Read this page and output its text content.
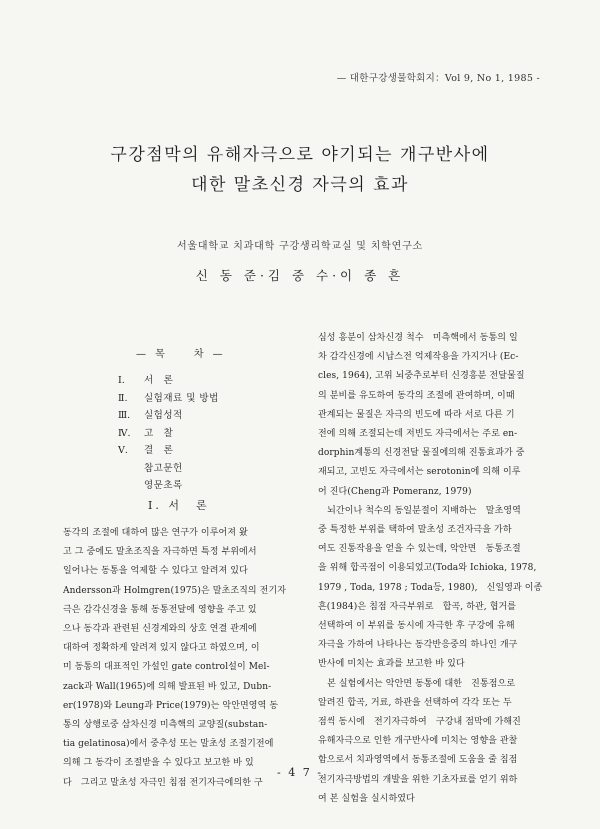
— 대한구강생물학회지：Vol 9, No 1, 1985 -
구강점막의 유해자극으로 야기되는 개구반사에
대한 말초신경 자극의 효과
서울대학교 치과대학 구강생리학교실 및 치학연구소
신 동 준·김 중 수·이 종 흔
— 목　　차 —
Ⅰ.	서　론
Ⅱ.	실험재료 및 방법
Ⅲ.	실험성적
Ⅳ.	고　찰
Ⅴ.	결　론
참고문헌
영문초록
Ⅰ. 서　론
동각의 조절에 대하여 많은 연구가 이루어져 왔
고 그 중에도 말초조직을 자극하면 특정 부위에서
일어나는 동통을 억제할 수 있다고 알려져 있다
Andersson과 Holmgren(1975)은 말초조직의 전기자
극은 감각신경을 통해 동통전달에 영향을 주고 있
으나 동각과 관련된 신경계와의 상호 연결 관계에
대하여 정확하게 알려져 있지 않다고 하였으며, 이
미 동통의 대표적인 가설인 gate control설이 Mel-
zack과 Wall(1965)에 의해 발표된 바 있고, Dubn-
er(1978)와 Leung과 Price(1979)는 악안면영역 동
통의 상행로중 삼차신경 미측핵의 교양질(substan-
tia gelatinosa)에서 중추성 또는 말초성 조절기전에
의해 그 동각이 조절받을 수 있다고 보고한 바 있
다　그리고 말초성 자극인 침점 전기자극에의한 구
심성 흥분이 삼차신경 척수　미측핵에서 동통의 일
차 감각신경에 시납스전 억제작용을 가지거나 (Ec-
cles, 1964), 고위 뇌중추로부터 신경흥분 전달물질
의 분비를 유도하여 동각의 조절에 관여하며, 이때
관계되는 물질은 자극의 빈도에 따라 서로 다른 기
전에 의해 조절되는데 저빈도 자극에서는 주로 en-
dorphin계통의 신경전달 물질에의해 진통효과가 중
재되고, 고빈도 자극에서는 serotonin에 의해 이루
어 진다(Cheng과 Pomeranz, 1979)
　뇌간이나 척수의 동일분절이 지배하는　말초영역
중 특정한 부위를 택하여 말초성 조건자극을 가하
여도 진통작용을 얻을 수 있는데, 악안면　동통조절
을 위해 합곡점이 이용되었고(Toda와 Ichioka, 1978,
1979 , Toda, 1978 ; Toda등, 1980),　신일영과 이종
흔(1984)은 침점 자극부위로　합곡, 하관, 협거를
선택하여 이 부위를 동시에 자극한 후 구강에 유해
자극을 가하여 나타나는 동각반응중의 하나인 개구
반사에 미치는 효과를 보고한 바 있다
　본 실험에서는 악안면 동통에 대한　진통점으로
알려진 합곡, 거료, 하관을 선택하여 각각 또는 두
점씩 동시에　전기자극하여　구강내 점막에 가해진
유해자극으로 인한 개구반사에 미치는 영향을 관찰
함으로서 치과영역에서 동통조절에 도움을 줄 침점
전기자극방법의 개발을 위한 기초자료를 얻기 위하
여 본 실험을 실시하였다
- 4 7 -
